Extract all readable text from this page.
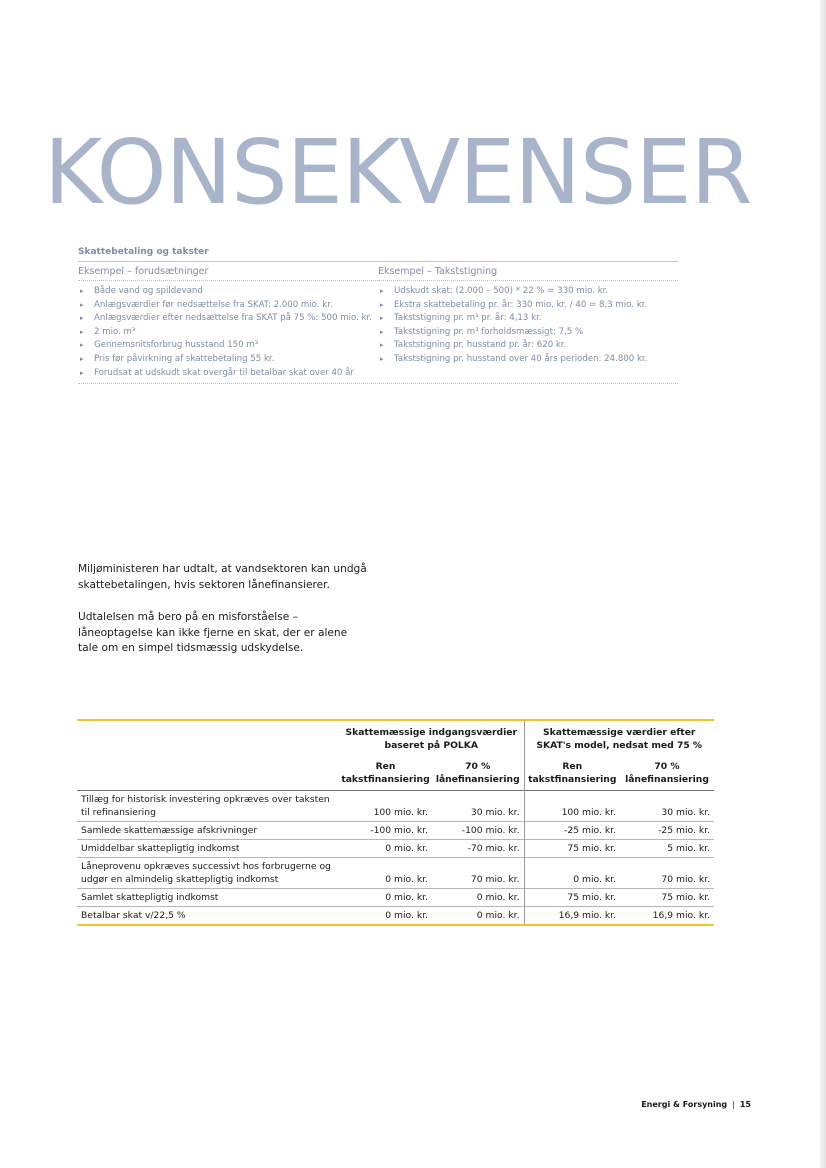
KONSEKVENSER
Skattebetaling og takster
Eksempel – forudsætninger
▸ Både vand og spildevand
▸ Anlægsværdier før nedsættelse fra SKAT: 2.000 mio. kr.
▸ Anlægsværdier efter nedsættelse fra SKAT på 75 %: 500 mio. kr.
▸ 2 mio. m³
▸ Gennemsnitsforbrug husstand 150 m³
▸ Pris før påvirkning af skattebetaling 55 kr.
▸ Forudsat at udskudt skat overgår til betalbar skat over 40 år
Eksempel – Takststigning
▸ Udskudt skat: (2.000 – 500) * 22 % = 330 mio. kr.
▸ Ekstra skattebetaling pr. år: 330 mio. kr. / 40 = 8,3 mio. kr.
▸ Takststigning pr. m³ pr. år: 4,13 kr.
▸ Takststigning pr. m³ forholdsmæssigt: 7,5 %
▸ Takststigning pr. husstand pr. år: 620 kr.
▸ Takststigning pr. husstand over 40 års perioden: 24.800 kr.

Miljøministeren har udtalt, at vandsektoren kan undgå skattebetalingen, hvis sektoren lånefinansierer.

Udtalelsen må bero på en misforståelse – låneoptagelse kan ikke fjerne en skat, der er alene tale om en simpel tidsmæssig udskydelse.

	Skattemæssige indgangsværdier baseret på POLKA		Skattemæssige værdier efter SKAT's model, nedsat med 75 %	
	Ren takstfinansiering	70 % lånefinansiering	Ren takstfinansiering	70 % lånefinansiering
Tillæg for historisk investering opkræves over taksten til refinansiering	100 mio. kr.	30 mio. kr.	100 mio. kr.	30 mio. kr.
Samlede skattemæssige afskrivninger	-100 mio. kr.	-100 mio. kr.	-25 mio. kr.	-25 mio. kr.
Umiddelbar skattepligtig indkomst	0 mio. kr.	-70 mio. kr.	75 mio. kr.	5 mio. kr.
Låneprovenu opkræves successivt hos forbrugerne og udgør en almindelig skattepligtig indkomst	0 mio. kr.	70 mio. kr.	0 mio. kr.	70 mio. kr.
Samlet skattepligtig indkomst	0 mio. kr.	0 mio. kr.	75 mio. kr.	75 mio. kr.
Betalbar skat v/22,5 %	0 mio. kr.	0 mio. kr.	16,9 mio. kr.	16,9 mio. kr.
Energi & Forsyning | 15
